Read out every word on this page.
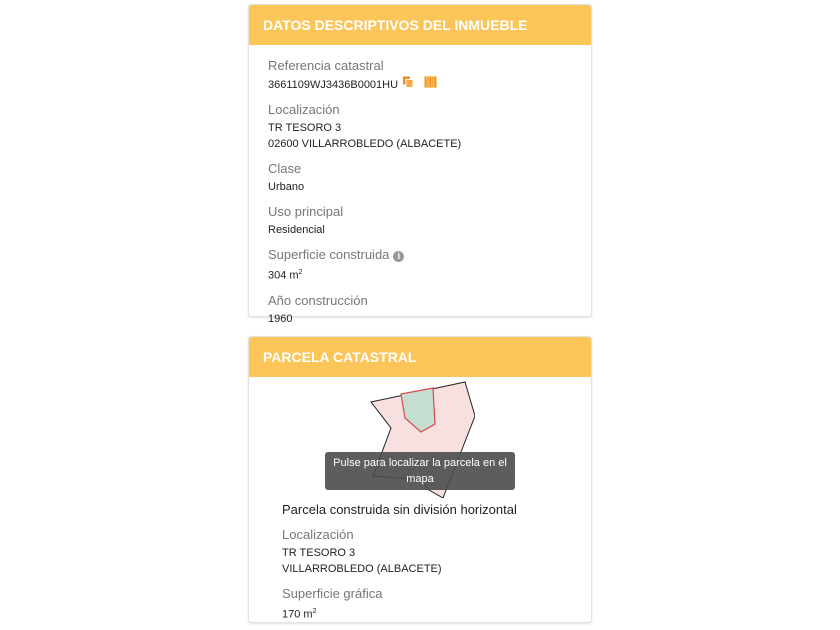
DATOS DESCRIPTIVOS DEL INMUEBLE
Referencia catastral
3661109WJ3436B0001HU
Localización
TR TESORO 3
02600 VILLARROBLEDO (ALBACETE)
Clase
Urbano
Uso principal
Residencial
Superficie construida i
304 $m^2$
Año construcción
1960
PARCELA CATASTRAL
Pulse para localizar la parcela en el mapa
Parcela construida sin división horizontal
Localización
TR TESORO 3
VILLARROBLEDO (ALBACETE)
Superficie gráfica
170 $m^2$
